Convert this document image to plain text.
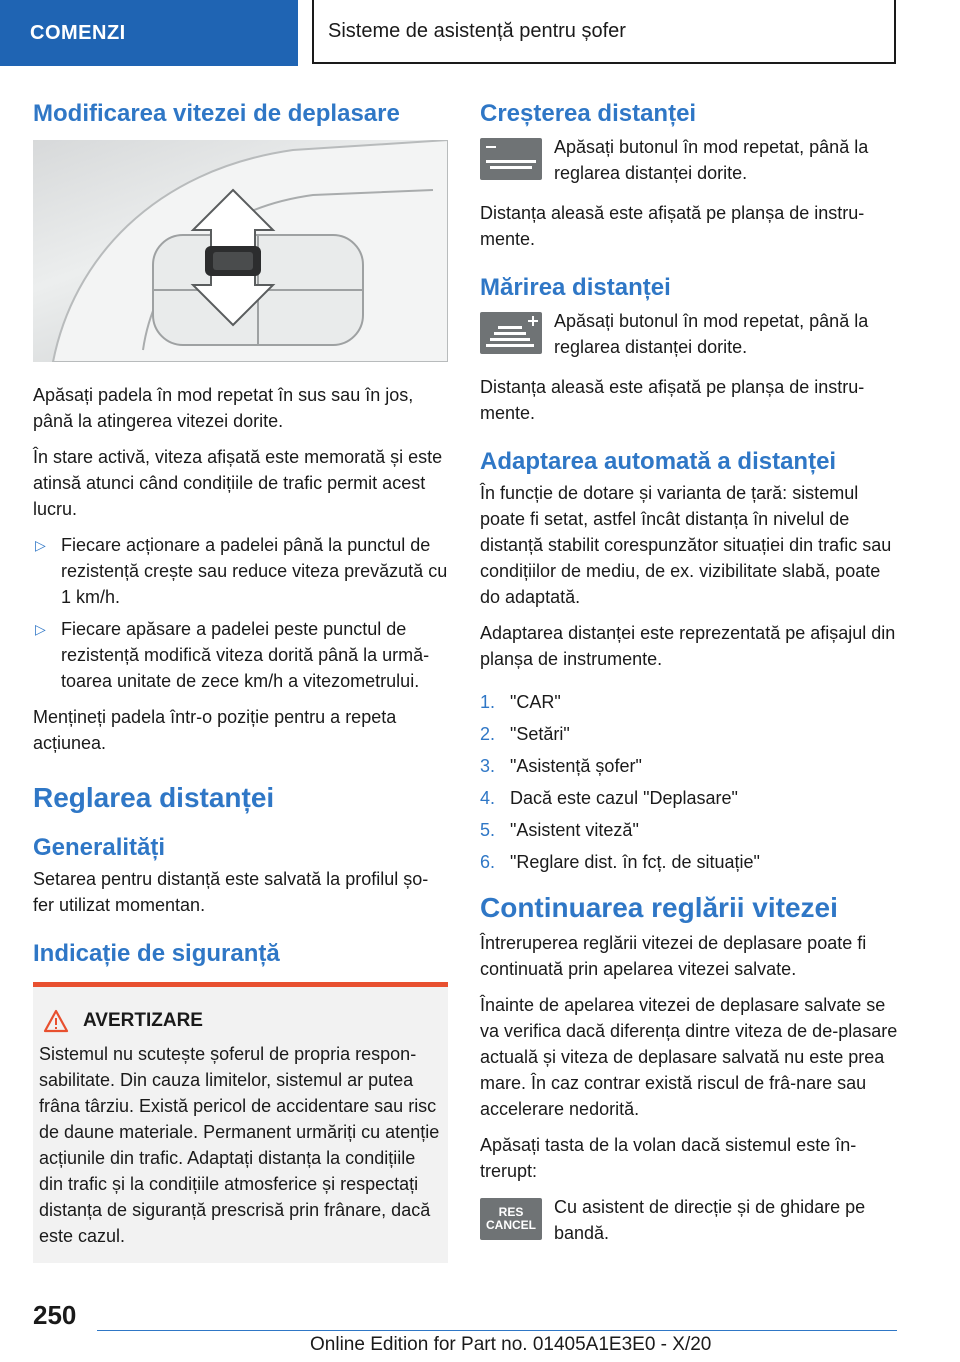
COMENZI	Sisteme de asistență pentru șofer
Modificarea vitezei de deplasare

Apăsați padela în mod repetat în sus sau în jos, până la atingerea vitezei dorite.

În stare activă, viteza afișată este memorată și este atinsă atunci când condițiile de trafic permit acest lucru.

▷ Fiecare acționare a padelei până la punctul de rezistență crește sau reduce viteza prevăzută cu 1 km/h.
▷ Fiecare apăsare a padelei peste punctul de rezistență modifică viteza dorită până la urmă-toarea unitate de zece km/h a vitezometrului.

Mențineți padela într-o poziție pentru a repeta acțiunea.

Reglarea distanței
Generalități

Setarea pentru distanță este salvată la profilul șo-fer utilizat momentan.

Indicație de siguranță
AVERTIZARE

Sistemul nu scutește șoferul de propria respon-sabilitate. Din cauza limitelor, sistemul ar putea frâna târziu. Există pericol de accidentare sau risc de daune materiale. Permanent urmăriți cu atenție acțiunile din trafic. Adaptați distanța la condițiile din trafic și la condițiile atmosferice și respectați distanța de siguranță prescrisă prin frânare, dacă este cazul.

Creșterea distanței

Apăsați butonul în mod repetat, până la reglarea distanței dorite.

Distanța aleasă este afișată pe planșa de instru-mente.

Mărirea distanței

Apăsați butonul în mod repetat, până la reglarea distanței dorite.

Distanța aleasă este afișată pe planșa de instru-mente.

Adaptarea automată a distanței

În funcție de dotare și varianta de țară: sistemul poate fi setat, astfel încât distanța în nivelul de distanță stabilit corespunzător situației din trafic sau condițiilor de mediu, de ex. vizibilitate slabă, poate do adaptată.

Adaptarea distanței este reprezentată pe afișajul din planșa de instrumente.

1. "CAR"
2. "Setări"
3. "Asistență șofer"
4. Dacă este cazul "Deplasare"
5. "Asistent viteză"
6. "Reglare dist. în fcț. de situație"
Continuarea reglării vitezei

Întreruperea reglării vitezei de deplasare poate fi continuată prin apelarea vitezei salvate.

Înainte de apelarea vitezei de deplasare salvate se va verifica dacă diferența dintre viteza de de-plasare actuală și viteza de deplasare salvată nu este prea mare. În caz contrar există riscul de frâ-nare sau accelerare nedorită.

Apăsați tasta de la volan dacă sistemul este în-trerupt:

RES
CANCEL

Cu asistent de direcție și de ghidare pe bandă.

250
Online Edition for Part no. 01405A1E3E0 - X/20
